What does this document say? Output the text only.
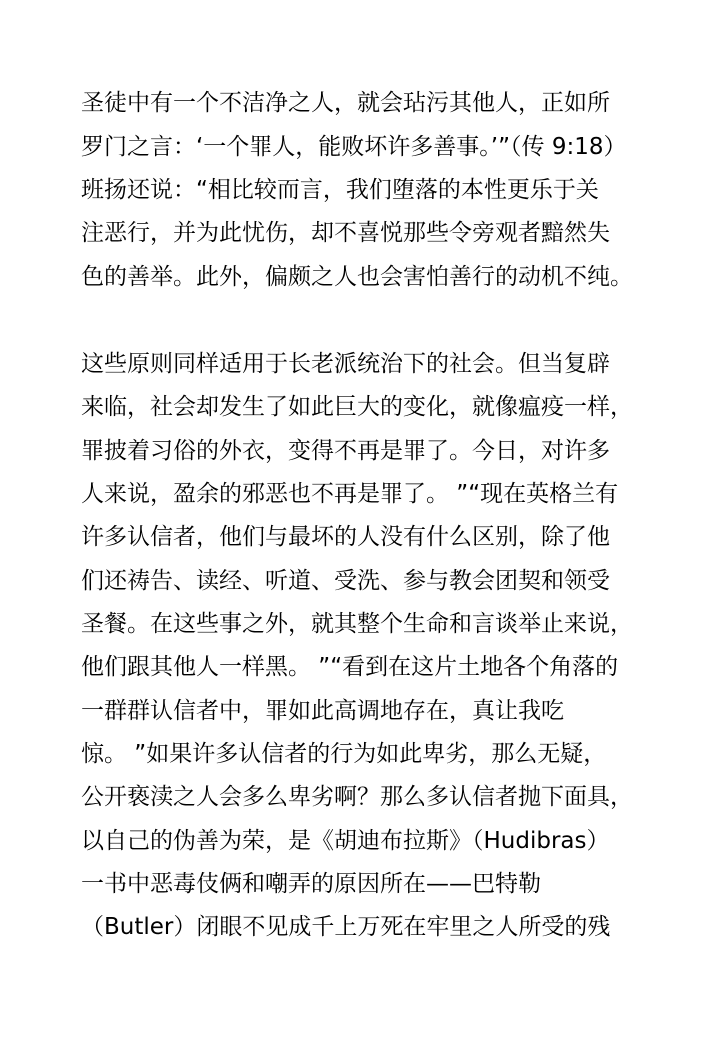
圣徒中有一个不洁净之人，就会玷污其他人，正如所
罗门之言：‘一个罪人，能败坏许多善事。’”（传 9:18）
班扬还说：“相比较而言，我们堕落的本性更乐于关
注恶行，并为此忧伤，却不喜悦那些令旁观者黯然失
色的善举。此外，偏颇之人也会害怕善行的动机不纯。
这些原则同样适用于长老派统治下的社会。但当复辟
来临，社会却发生了如此巨大的变化，就像瘟疫一样，
罪披着习俗的外衣，变得不再是罪了。今日，对许多
人来说，盈余的邪恶也不再是罪了。 ”“现在英格兰有
许多认信者，他们与最坏的人没有什么区别，除了他
们还祷告、读经、听道、受洗、参与教会团契和领受
圣餐。在这些事之外，就其整个生命和言谈举止来说，
他们跟其他人一样黑。 ”“看到在这片土地各个角落的
一群群认信者中，罪如此高调地存在，真让我吃
惊。 ”如果许多认信者的行为如此卑劣，那么无疑，
公开亵渎之人会多么卑劣啊？那么多认信者抛下面具，
以自己的伪善为荣，是《胡迪布拉斯》（Hudibras）
一书中恶毒伎俩和嘲弄的原因所在——巴特勒
（Butler）闭眼不见成千上万死在牢里之人所受的残
